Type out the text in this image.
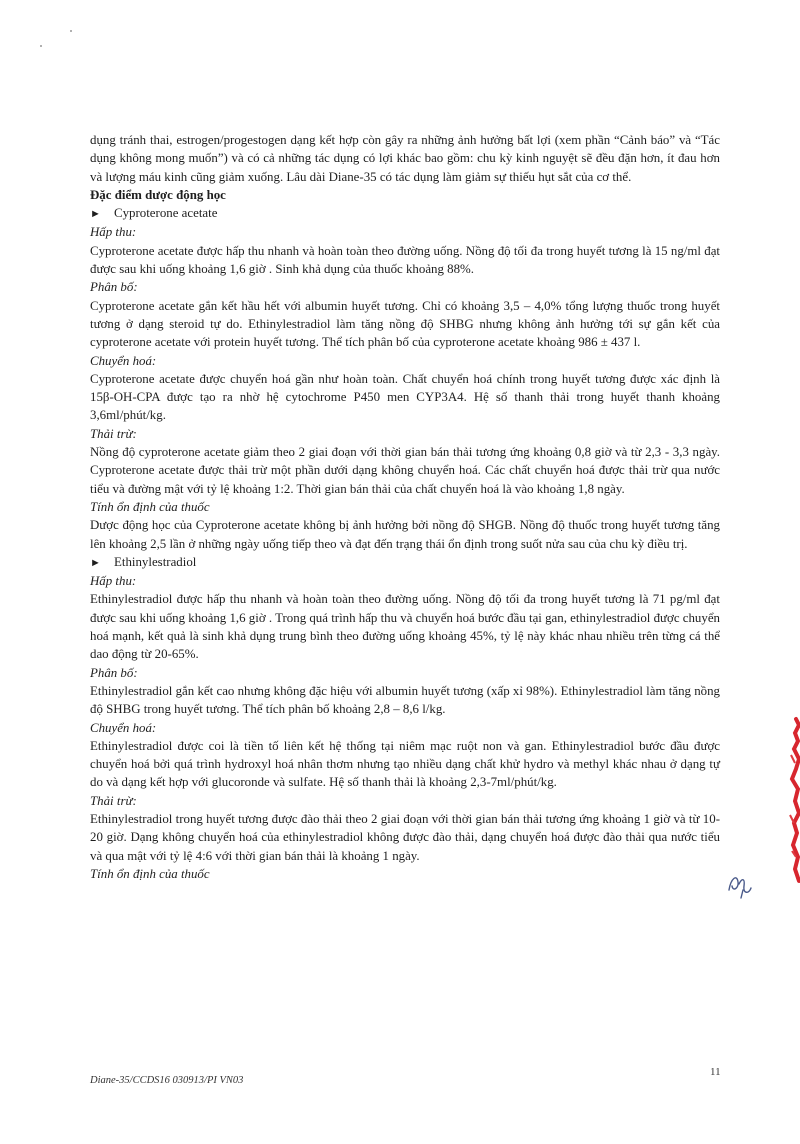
dụng tránh thai, estrogen/progestogen dạng kết hợp còn gây ra những ảnh hưởng bất lợi (xem phần “Cảnh báo” và “Tác dụng không mong muốn”) và có cả những tác dụng có lợi khác bao gồm: chu kỳ kinh nguyệt sẽ đều đặn hơn, ít đau hơn và lượng máu kinh cũng giảm xuống. Lâu dài Diane-35 có tác dụng làm giảm sự thiếu hụt sắt của cơ thể.

Đặc điểm dược động học

► Cyproterone acetate

Hấp thu:

Cyproterone acetate được hấp thu nhanh và hoàn toàn theo đường uống. Nồng độ tối đa trong huyết tương là 15 ng/ml đạt được sau khi uống khoảng 1,6 giờ . Sinh khả dụng của thuốc khoảng 88%.

Phân bố:

Cyproterone acetate gắn kết hầu hết với albumin huyết tương. Chỉ có khoảng 3,5 – 4,0% tổng lượng thuốc trong huyết tương ở dạng steroid tự do. Ethinylestradiol làm tăng nồng độ SHBG nhưng không ảnh hưởng tới sự gắn kết của cyproterone acetate với protein huyết tương. Thể tích phân bố của cyproterone acetate khoảng 986 ± 437 l.

Chuyển hoá:

Cyproterone acetate được chuyển hoá gần như hoàn toàn. Chất chuyển hoá chính trong huyết tương được xác định là 15β-OH-CPA được tạo ra nhờ hệ cytochrome P450 men CYP3A4. Hệ số thanh thải trong huyết thanh khoảng 3,6ml/phút/kg.

Thải trừ:

Nồng độ cyproterone acetate giảm theo 2 giai đoạn với thời gian bán thải tương ứng khoảng 0,8 giờ và từ 2,3 - 3,3 ngày. Cyproterone acetate được thải trừ một phần dưới dạng không chuyển hoá. Các chất chuyển hoá được thải trừ qua nước tiểu và đường mật với tỷ lệ khoảng 1:2. Thời gian bán thải của chất chuyển hoá là vào khoảng 1,8 ngày.

Tính ổn định của thuốc

Dược động học của Cyproterone acetate không bị ảnh hưởng bởi nồng độ SHGB. Nồng độ thuốc trong huyết tương tăng lên khoảng 2,5 lần ở những ngày uống tiếp theo và đạt đến trạng thái ổn định trong suốt nửa sau của chu kỳ điều trị.

► Ethinylestradiol

Hấp thu:

Ethinylestradiol được hấp thu nhanh và hoàn toàn theo đường uống. Nồng độ tối đa trong huyết tương là 71 pg/ml đạt được sau khi uống khoảng 1,6 giờ . Trong quá trình hấp thu và chuyển hoá bước đầu tại gan, ethinylestradiol được chuyển hoá mạnh, kết quả là sinh khả dụng trung bình theo đường uống khoảng 45%, tỷ lệ này khác nhau nhiều trên từng cá thể dao động từ 20-65%.

Phân bố:

Ethinylestradiol gắn kết cao nhưng không đặc hiệu với albumin huyết tương (xấp xỉ 98%). Ethinylestradiol làm tăng nồng độ SHBG trong huyết tương. Thể tích phân bố khoảng 2,8 – 8,6 l/kg.

Chuyển hoá:

Ethinylestradiol được coi là tiền tố liên kết hệ thống tại niêm mạc ruột non và gan. Ethinylestradiol bước đầu được chuyển hoá bởi quá trình hydroxyl hoá nhân thơm nhưng tạo nhiều dạng chất khử hydro và methyl khác nhau ở dạng tự do và dạng kết hợp với glucoronde và sulfate. Hệ số thanh thải là khoảng 2,3-7ml/phút/kg.

Thải trừ:

Ethinylestradiol trong huyết tương được đào thải theo 2 giai đoạn với thời gian bán thải tương ứng khoảng 1 giờ và từ 10-20 giờ. Dạng không chuyển hoá của ethinylestradiol không được đào thải, dạng chuyển hoá được đào thải qua nước tiểu và qua mật với tỷ lệ 4:6 với thời gian bán thải là khoảng 1 ngày.

Tính ổn định của thuốc

Diane-35/CCDS16 030913/PI VN03
11
